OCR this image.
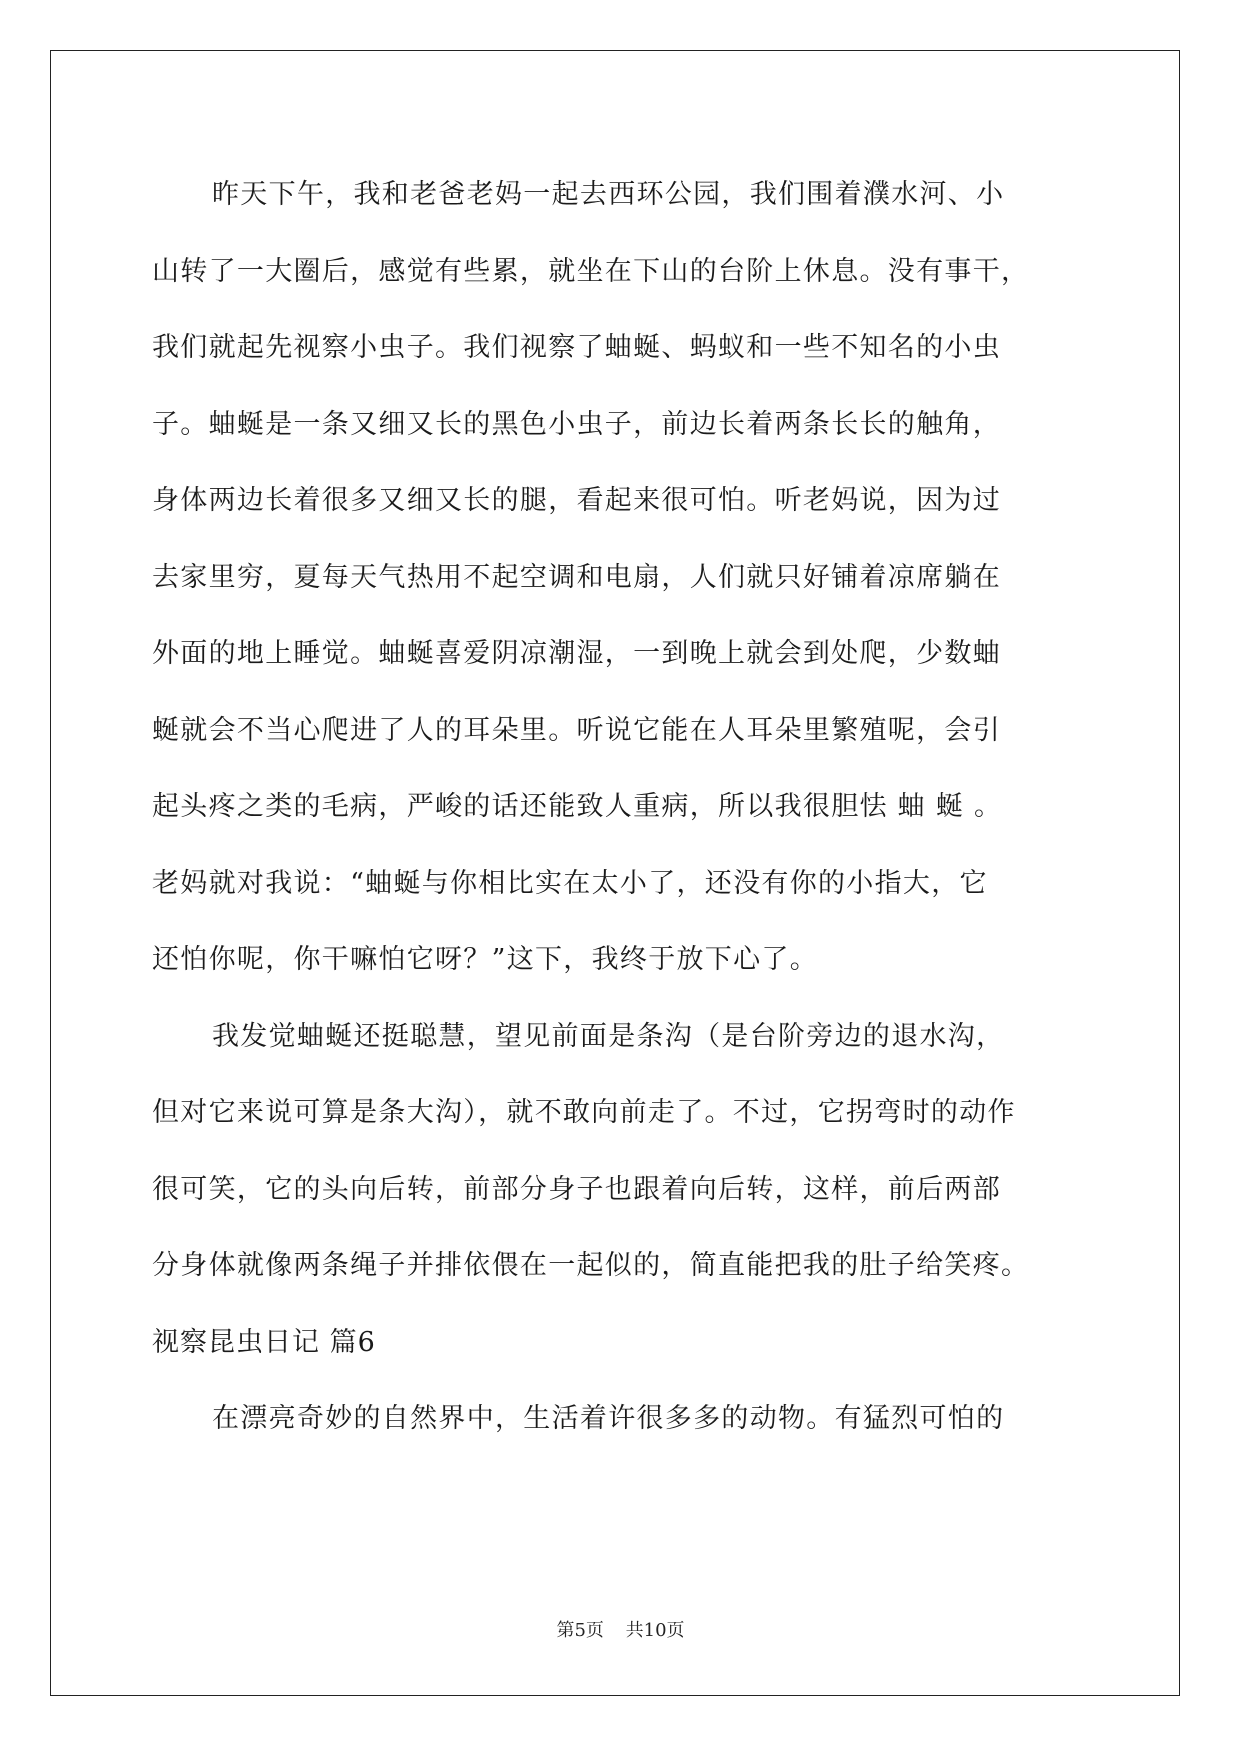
昨天下午，我和老爸老妈一起去西环公园，我们围着濮水河、小
山转了一大圈后，感觉有些累，就坐在下山的台阶上休息。没有事干，
我们就起先视察小虫子。我们视察了蚰蜒、蚂蚁和一些不知名的小虫
子。蚰蜒是一条又细又长的黑色小虫子，前边长着两条长长的触角，
身体两边长着很多又细又长的腿，看起来很可怕。听老妈说，因为过
去家里穷，夏每天气热用不起空调和电扇，人们就只好铺着凉席躺在
外面的地上睡觉。蚰蜒喜爱阴凉潮湿，一到晚上就会到处爬，少数蚰
蜒就会不当心爬进了人的耳朵里。听说它能在人耳朵里繁殖呢，会引
起头疼之类的毛病，严峻的话还能致人重病，所以我很胆怯 蚰 蜒 。
老妈就对我说：“蚰蜒与你相比实在太小了，还没有你的小指大，它
还怕你呢，你干嘛怕它呀？”这下，我终于放下心了。
我发觉蚰蜒还挺聪慧，望见前面是条沟（是台阶旁边的退水沟，
但对它来说可算是条大沟），就不敢向前走了。不过，它拐弯时的动作
很可笑，它的头向后转，前部分身子也跟着向后转，这样，前后两部
分身体就像两条绳子并排依偎在一起似的，简直能把我的肚子给笑疼。
视察昆虫日记 篇6
在漂亮奇妙的自然界中，生活着许很多多的动物。有猛烈可怕的
第5页 共10页
